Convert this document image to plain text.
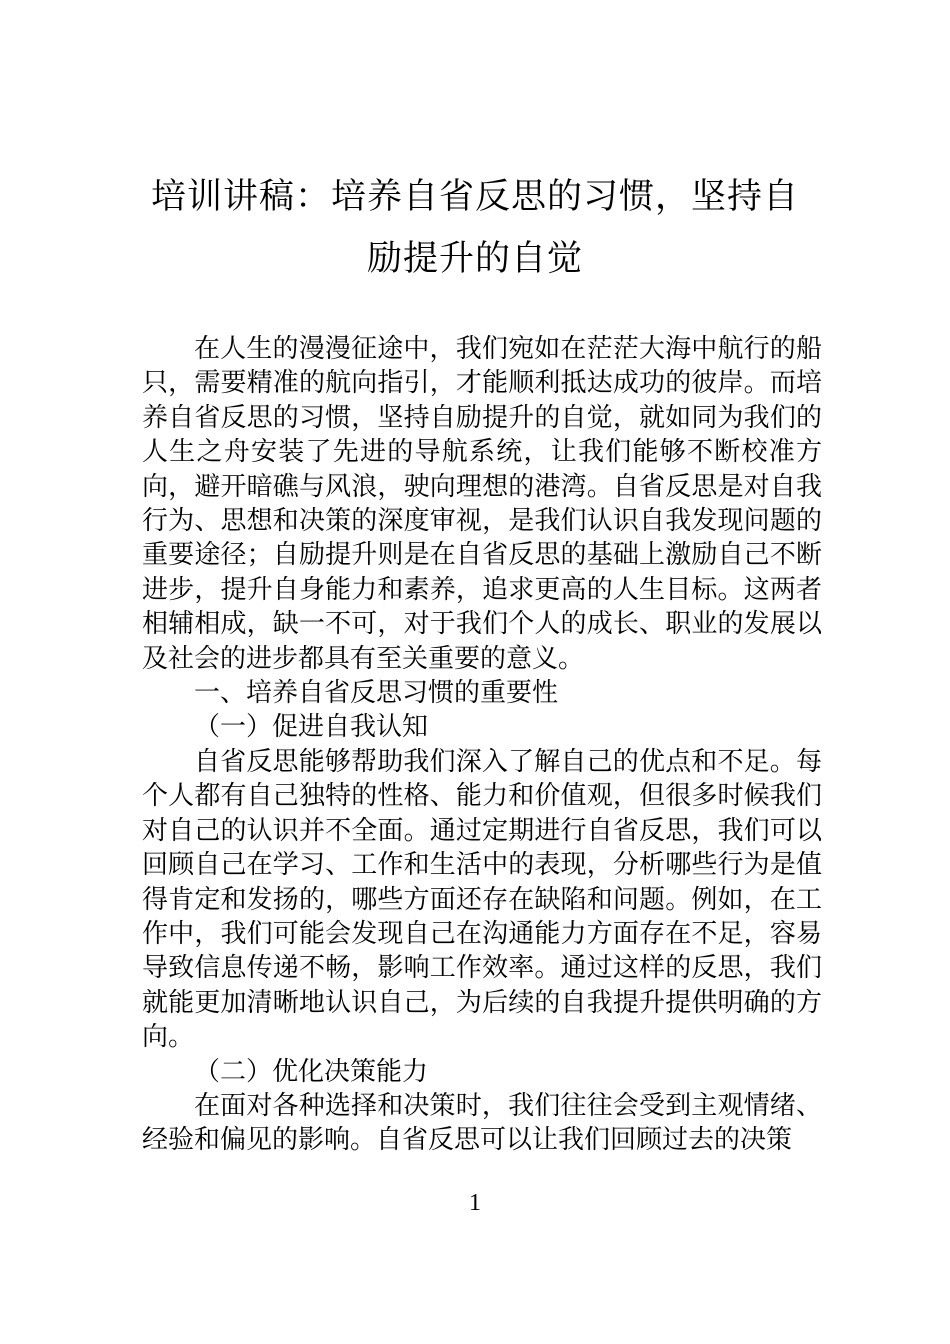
培训讲稿：培养自省反思的习惯，坚持自励提升的自觉

在人生的漫漫征途中，我们宛如在茫茫大海中航行的船只，需要精准的航向指引，才能顺利抵达成功的彼岸。而培养自省反思的习惯，坚持自励提升的自觉，就如同为我们的人生之舟安装了先进的导航系统，让我们能够不断校准方向，避开暗礁与风浪，驶向理想的港湾。自省反思是对自我行为、思想和决策的深度审视，是我们认识自我发现问题的重要途径；自励提升则是在自省反思的基础上激励自己不断进步，提升自身能力和素养，追求更高的人生目标。这两者相辅相成，缺一不可，对于我们个人的成长、职业的发展以及社会的进步都具有至关重要的意义。

一、培养自省反思习惯的重要性

（一）促进自我认知

自省反思能够帮助我们深入了解自己的优点和不足。每个人都有自己独特的性格、能力和价值观，但很多时候我们对自己的认识并不全面。通过定期进行自省反思，我们可以回顾自己在学习、工作和生活中的表现，分析哪些行为是值得肯定和发扬的，哪些方面还存在缺陷和问题。例如，在工作中，我们可能会发现自己在沟通能力方面存在不足，容易导致信息传递不畅，影响工作效率。通过这样的反思，我们就能更加清晰地认识自己，为后续的自我提升提供明确的方向。

（二）优化决策能力

在面对各种选择和决策时，我们往往会受到主观情绪、经验和偏见的影响。自省反思可以让我们回顾过去的决策

1
